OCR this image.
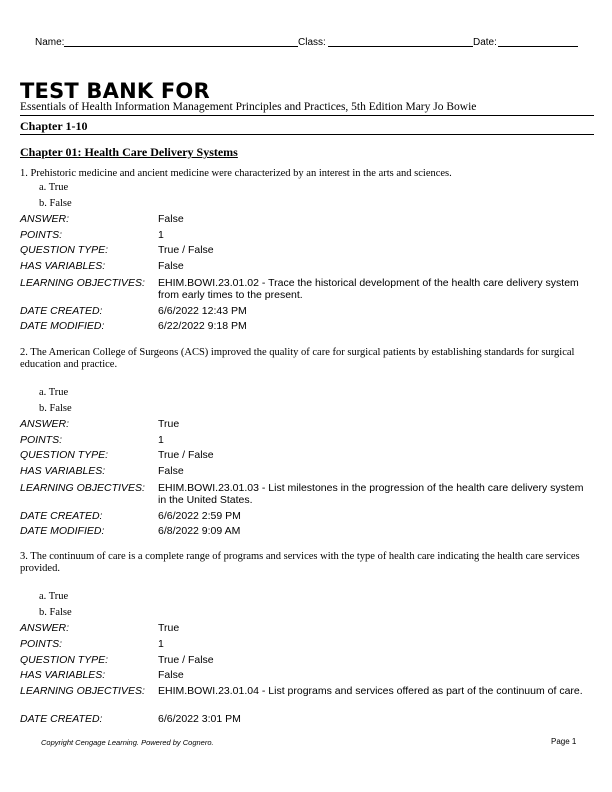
Name:	Class:	Date:
TEST BANK FOR
Essentials of Health Information Management Principles and Practices, 5th Edition Mary Jo Bowie
Chapter 1-10
Chapter 01: Health Care Delivery Systems
1. Prehistoric medicine and ancient medicine were characterized by an interest in the arts and sciences.
a. True
b. False
ANSWER:	False
POINTS:	1
QUESTION TYPE:	True / False
HAS VARIABLES:	False
LEARNING OBJECTIVES: EHIM.BOWI.23.01.02 - Trace the historical development of the health care delivery system from early times to the present.
DATE CREATED:	6/6/2022 12:43 PM
DATE MODIFIED:	6/22/2022 9:18 PM
2. The American College of Surgeons (ACS) improved the quality of care for surgical patients by establishing standards for surgical education and practice.
a. True
b. False
ANSWER:	True
POINTS:	1
QUESTION TYPE:	True / False
HAS VARIABLES:	False
LEARNING OBJECTIVES: EHIM.BOWI.23.01.03 - List milestones in the progression of the health care delivery system in the United States.
DATE CREATED:	6/6/2022 2:59 PM
DATE MODIFIED:	6/8/2022 9:09 AM
3. The continuum of care is a complete range of programs and services with the type of health care indicating the health care services provided.
a. True
b. False
ANSWER:	True
POINTS:	1
QUESTION TYPE:	True / False
HAS VARIABLES:	False
LEARNING OBJECTIVES: EHIM.BOWI.23.01.04 - List programs and services offered as part of the continuum of care.
DATE CREATED:	6/6/2022 3:01 PM
Copyright Cengage Learning. Powered by Cognero.	Page 1
